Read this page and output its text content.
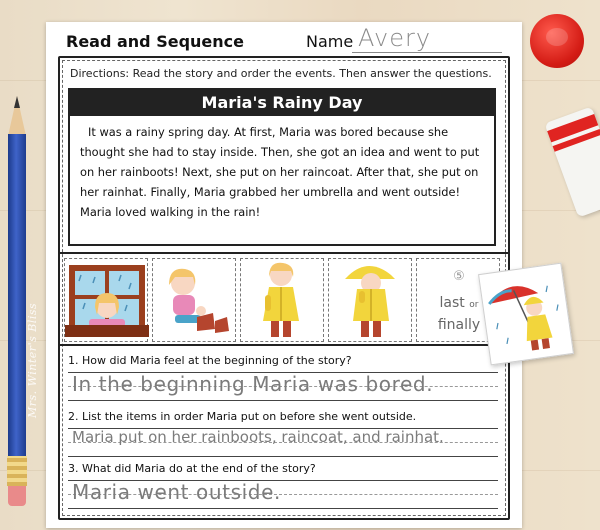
Mrs. Winter's Bliss
Read and Sequence	Name Avery
Directions: Read the story and order the events. Then answer the questions.
Maria's Rainy Day
It was a rainy spring day. At first, Maria was bored because she thought she had to stay inside. Then, she got an idea and went to put on her rainboots! Next, she put on her raincoat. After that, she put on her rainhat. Finally, Maria grabbed her umbrella and went outside! Maria loved walking in the rain!
⑤
last or
finally
1. How did Maria feel at the beginning of the story?
In the beginning Maria was bored.
2. List the items in order Maria put on before she went outside.
Maria put on her rainboots, raincoat, and rainhat.
3. What did Maria do at the end of the story?
Maria went outside.
